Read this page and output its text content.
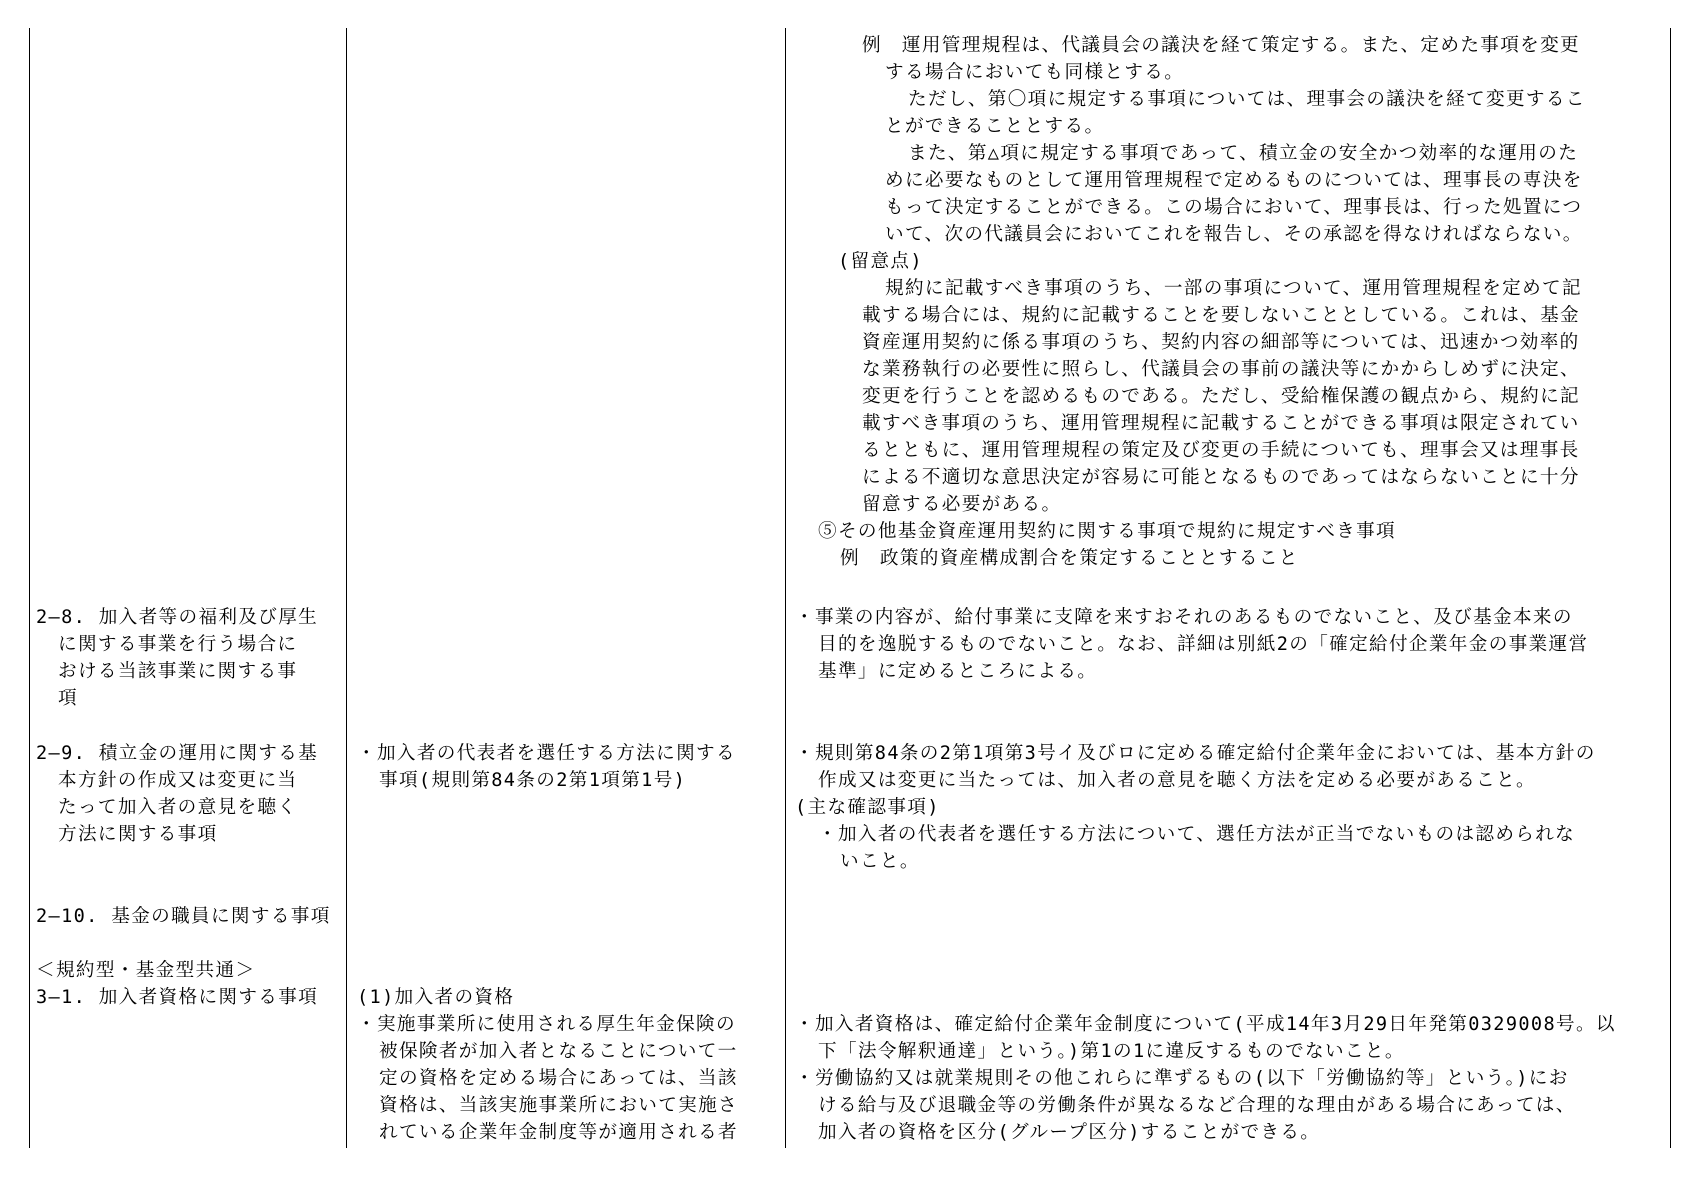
2―8. 加入者等の福利及び厚生
に関する事業を行う場合に
おける当該事業に関する事
項
2―9. 積立金の運用に関する基
本方針の作成又は変更に当
たって加入者の意見を聴く
方法に関する事項
2―10. 基金の職員に関する事項
＜規約型・基金型共通＞
3―1. 加入者資格に関する事項
・加入者の代表者を選任する方法に関する
事項(規則第84条の2第1項第1号)
(1)加入者の資格
・実施事業所に使用される厚生年金保険の
被保険者が加入者となることについて一
定の資格を定める場合にあっては、当該
資格は、当該実施事業所において実施さ
れている企業年金制度等が適用される者
例　運用管理規程は、代議員会の議決を経て策定する。また、定めた事項を変更
する場合においても同様とする。
ただし、第〇項に規定する事項については、理事会の議決を経て変更するこ
とができることとする。
また、第△項に規定する事項であって、積立金の安全かつ効率的な運用のた
めに必要なものとして運用管理規程で定めるものについては、理事長の専決を
もって決定することができる。この場合において、理事長は、行った処置につ
いて、次の代議員会においてこれを報告し、その承認を得なければならない。
(留意点)
規約に記載すべき事項のうち、一部の事項について、運用管理規程を定めて記
載する場合には、規約に記載することを要しないこととしている。これは、基金
資産運用契約に係る事項のうち、契約内容の細部等については、迅速かつ効率的
な業務執行の必要性に照らし、代議員会の事前の議決等にかからしめずに決定、
変更を行うことを認めるものである。ただし、受給権保護の観点から、規約に記
載すべき事項のうち、運用管理規程に記載することができる事項は限定されてい
るとともに、運用管理規程の策定及び変更の手続についても、理事会又は理事長
による不適切な意思決定が容易に可能となるものであってはならないことに十分
留意する必要がある。
⑤その他基金資産運用契約に関する事項で規約に規定すべき事項
例　政策的資産構成割合を策定することとすること
・事業の内容が、給付事業に支障を来すおそれのあるものでないこと、及び基金本来の
目的を逸脱するものでないこと。なお、詳細は別紙2の「確定給付企業年金の事業運営
基準」に定めるところによる。
・規則第84条の2第1項第3号イ及びロに定める確定給付企業年金においては、基本方針の
作成又は変更に当たっては、加入者の意見を聴く方法を定める必要があること。
(主な確認事項)
・加入者の代表者を選任する方法について、選任方法が正当でないものは認められな
いこと。
・加入者資格は、確定給付企業年金制度について(平成14年3月29日年発第0329008号。以
下「法令解釈通達」という。)第1の1に違反するものでないこと。
・労働協約又は就業規則その他これらに準ずるもの(以下「労働協約等」という。)にお
ける給与及び退職金等の労働条件が異なるなど合理的な理由がある場合にあっては、
加入者の資格を区分(グループ区分)することができる。
